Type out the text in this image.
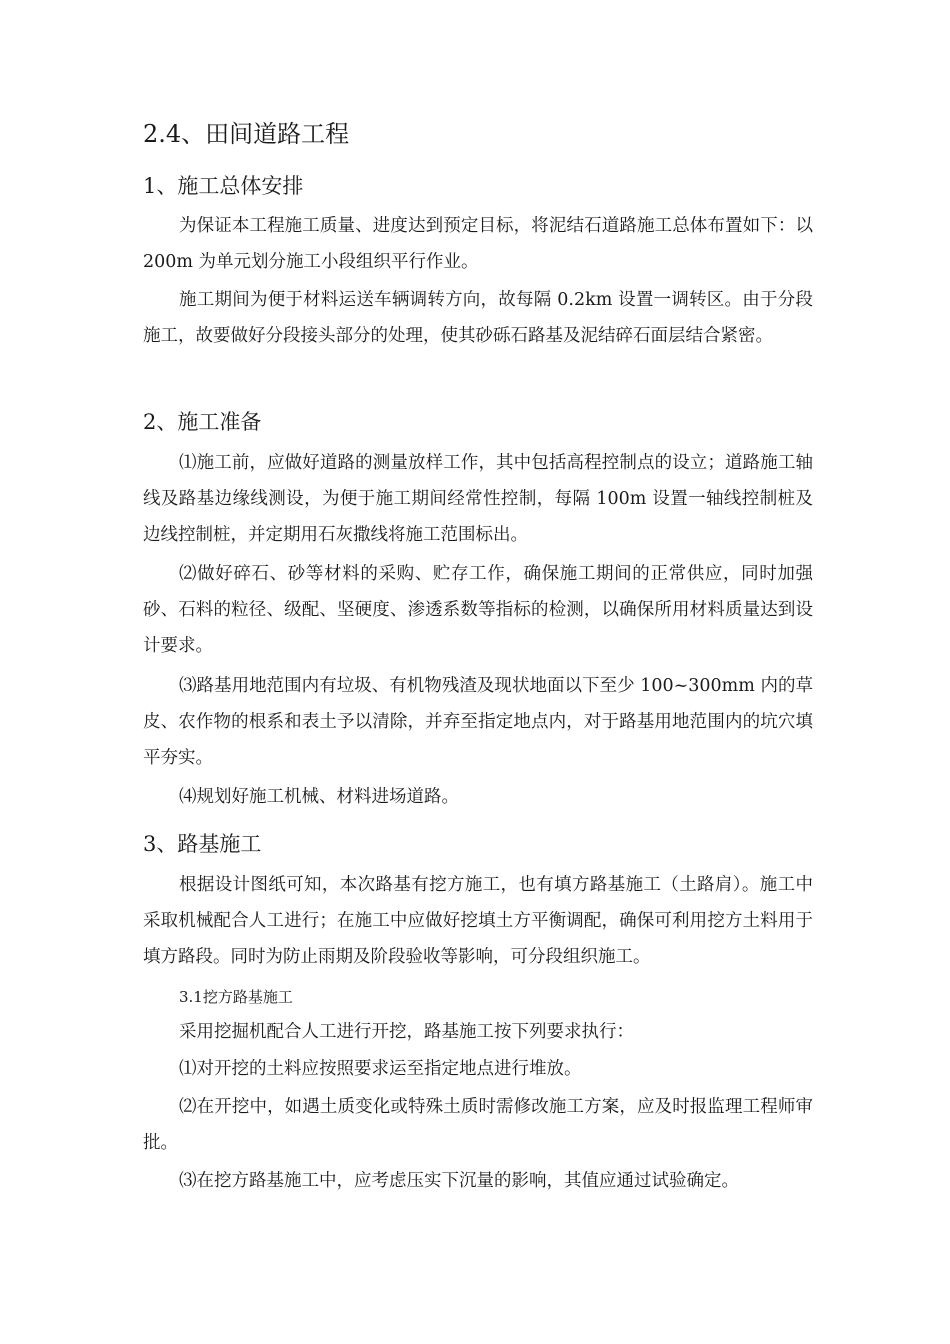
2.4、田间道路工程
1、施工总体安排
为保证本工程施工质量、进度达到预定目标，将泥结石道路施工总体布置如下：以 200m 为单元划分施工小段组织平行作业。
施工期间为便于材料运送车辆调转方向，故每隔 0.2km 设置一调转区。由于分段施工，故要做好分段接头部分的处理，使其砂砾石路基及泥结碎石面层结合紧密。
2、施工准备
⑴施工前，应做好道路的测量放样工作，其中包括高程控制点的设立；道路施工轴线及路基边缘线测设，为便于施工期间经常性控制，每隔 100m 设置一轴线控制桩及边线控制桩，并定期用石灰撒线将施工范围标出。
⑵做好碎石、砂等材料的采购、贮存工作，确保施工期间的正常供应，同时加强砂、石料的粒径、级配、坚硬度、渗透系数等指标的检测，以确保所用材料质量达到设计要求。
⑶路基用地范围内有垃圾、有机物残渣及现状地面以下至少 100~300mm 内的草皮、农作物的根系和表土予以清除，并弃至指定地点内，对于路基用地范围内的坑穴填平夯实。
⑷规划好施工机械、材料进场道路。
3、路基施工
根据设计图纸可知，本次路基有挖方施工，也有填方路基施工（土路肩）。施工中采取机械配合人工进行；在施工中应做好挖填土方平衡调配，确保可利用挖方土料用于填方路段。同时为防止雨期及阶段验收等影响，可分段组织施工。
3.1挖方路基施工
采用挖掘机配合人工进行开挖，路基施工按下列要求执行：
⑴对开挖的土料应按照要求运至指定地点进行堆放。
⑵在开挖中，如遇土质变化或特殊土质时需修改施工方案，应及时报监理工程师审批。
⑶在挖方路基施工中，应考虑压实下沉量的影响，其值应通过试验确定。
